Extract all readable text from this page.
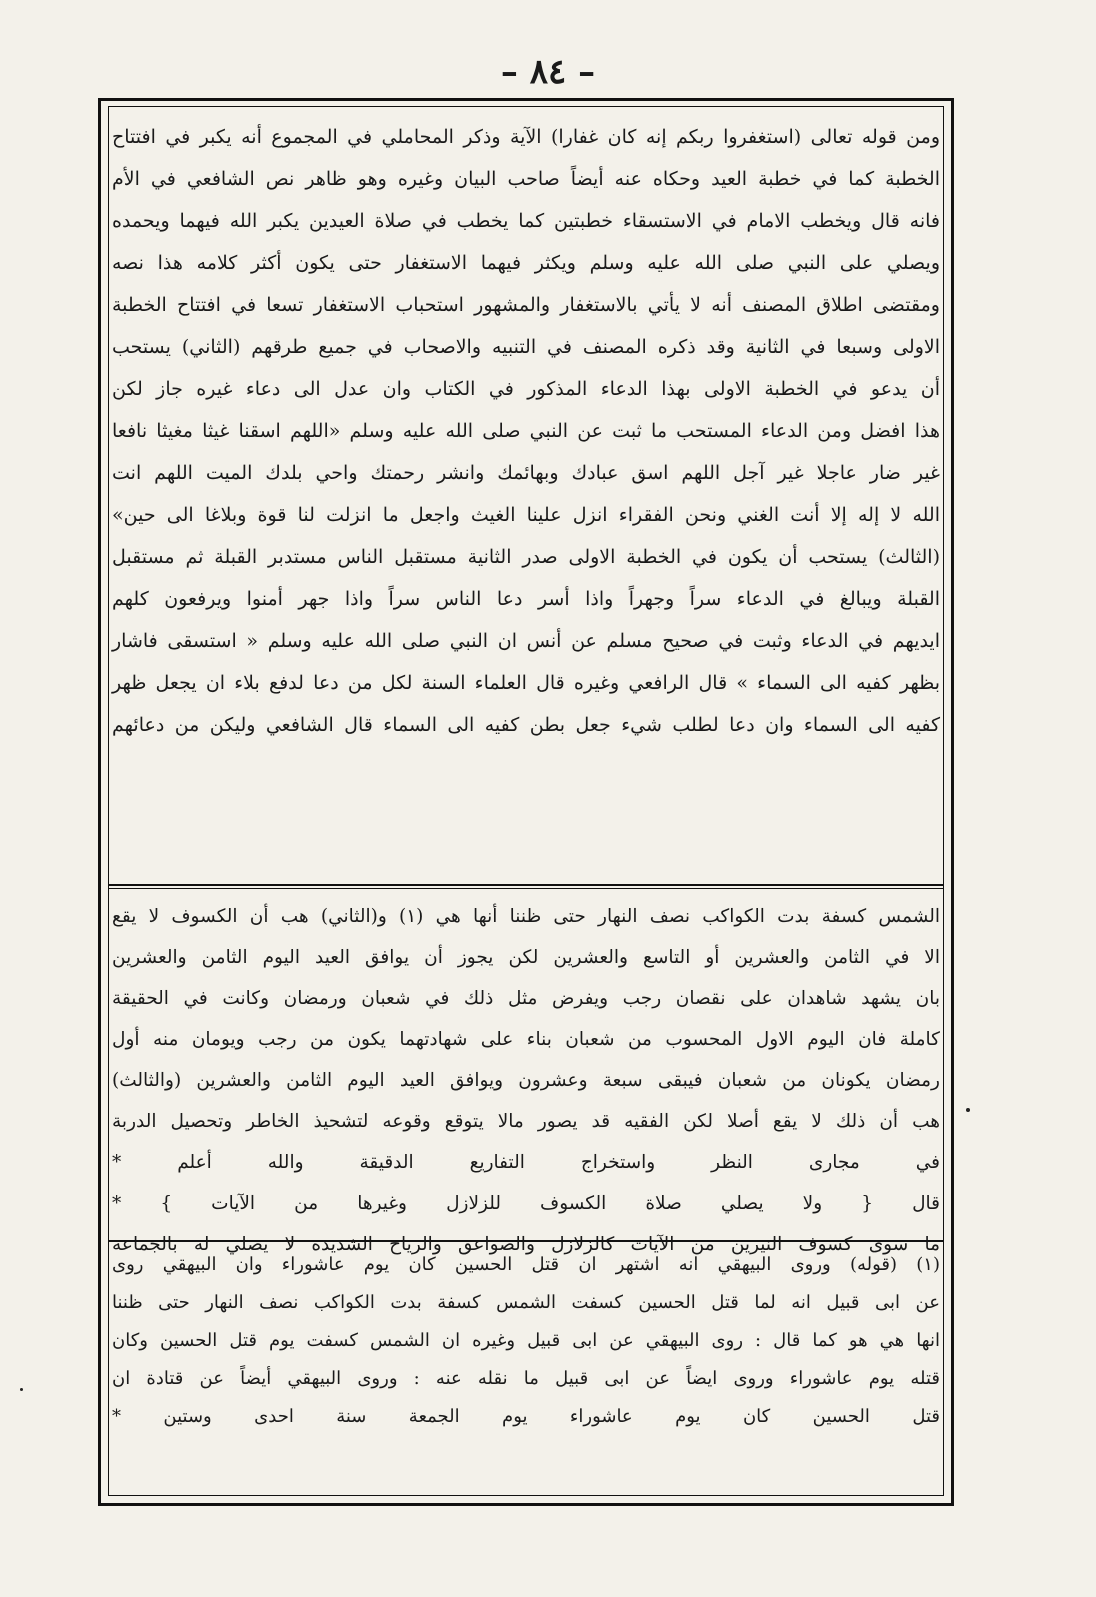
– ٨٤ –

ومن قوله تعالى (استغفروا ربكم إنه كان غفارا) الآية وذكر المحاملي في المجموع أنه يكبر في افتتاح

الخطبة كما في خطبة العيد وحكاه عنه أيضاً صاحب البيان وغيره وهو ظاهر نص الشافعي في الأم

فانه قال ويخطب الامام في الاستسقاء خطبتين كما يخطب في صلاة العيدين يكبر الله فيهما ويحمده

ويصلي على النبي صلى الله عليه وسلم ويكثر فيهما الاستغفار حتى يكون أكثر كلامه هذا نصه

ومقتضى اطلاق المصنف أنه لا يأتي بالاستغفار والمشهور استحباب الاستغفار تسعا في افتتاح الخطبة

الاولى وسبعا في الثانية وقد ذكره المصنف في التنبيه والاصحاب في جميع طرقهم (الثاني) يستحب

أن يدعو في الخطبة الاولى بهذا الدعاء المذكور في الكتاب وان عدل الى دعاء غيره جاز لكن

هذا افضل ومن الدعاء المستحب ما ثبت عن النبي صلى الله عليه وسلم «اللهم اسقنا غيثا مغيثا نافعا

غير ضار عاجلا غير آجل اللهم اسق عبادك وبهائمك وانشر رحمتك واحي بلدك الميت اللهم انت

الله لا إله إلا أنت الغني ونحن الفقراء انزل علينا الغيث واجعل ما انزلت لنا قوة وبلاغا الى حين»

(الثالث) يستحب أن يكون في الخطبة الاولى صدر الثانية مستقبل الناس مستدبر القبلة ثم مستقبل

القبلة ويبالغ في الدعاء سراً وجهراً واذا أسر دعا الناس سراً واذا جهر أمنوا ويرفعون كلهم

ايديهم في الدعاء وثبت في صحيح مسلم عن أنس ان النبي صلى الله عليه وسلم « استسقى فاشار

بظهر كفيه الى السماء » قال الرافعي وغيره قال العلماء السنة لكل من دعا لدفع بلاء ان يجعل ظهر

كفيه الى السماء وان دعا لطلب شيء جعل بطن كفيه الى السماء قال الشافعي وليكن من دعائهم

الشمس كسفة بدت الكواكب نصف النهار حتى ظننا أنها هي (١) و(الثاني) هب أن الكسوف لا يقع

الا في الثامن والعشرين أو التاسع والعشرين لكن يجوز أن يوافق العيد اليوم الثامن والعشرين

بان يشهد شاهدان على نقصان رجب ويفرض مثل ذلك في شعبان ورمضان وكانت في الحقيقة

كاملة فان اليوم الاول المحسوب من شعبان بناء على شهادتهما يكون من رجب ويومان منه أول

رمضان يكونان من شعبان فيبقى سبعة وعشرون ويوافق العيد اليوم الثامن والعشرين (والثالث)

هب أن ذلك لا يقع أصلا لكن الفقيه قد يصور مالا يتوقع وقوعه لتشحيذ الخاطر وتحصيل الدربة

في مجارى النظر واستخراج التفاريع الدقيقة والله أعلم *

قال { ولا يصلي صلاة الكسوف للزلازل وغيرها من الآيات } *

ما سوى كسوف النيرين من الآيات كالزلازل والصواعق والرياح الشديدة لا يصلي له بالجماعة

(١) (قوله) وروى البيهقي انه اشتهر ان قتل الحسين كان يوم عاشوراء وان البيهقي روى

عن ابى قبيل انه لما قتل الحسين كسفت الشمس كسفة بدت الكواكب نصف النهار حتى ظننا

انها هي هو كما قال : روى البيهقي عن ابى قبيل وغيره ان الشمس كسفت يوم قتل الحسين وكان

قتله يوم عاشوراء وروى ايضاً عن ابى قبيل ما نقله عنه : وروى البيهقي أيضاً عن قتادة ان

قتل الحسين كان يوم عاشوراء يوم الجمعة سنة احدى وستين *
